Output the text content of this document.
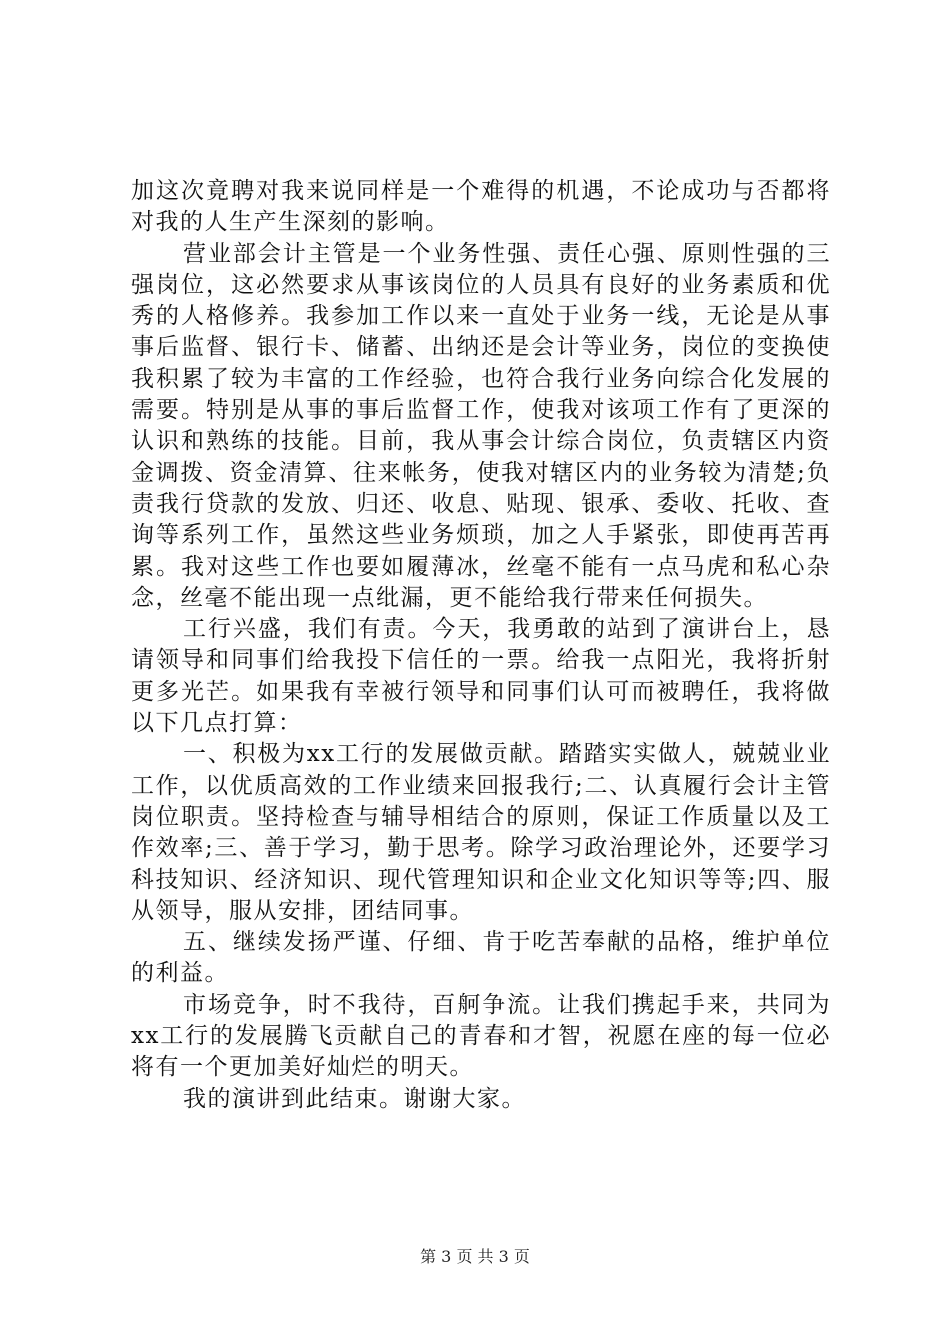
加这次竟聘对我来说同样是一个难得的机遇，不论成功与否都将对我的人生产生深刻的影响。

营业部会计主管是一个业务性强、责任心强、原则性强的三强岗位，这必然要求从事该岗位的人员具有良好的业务素质和优秀的人格修养。我参加工作以来一直处于业务一线，无论是从事事后监督、银行卡、储蓄、出纳还是会计等业务，岗位的变换使我积累了较为丰富的工作经验，也符合我行业务向综合化发展的需要。特别是从事的事后监督工作，使我对该项工作有了更深的认识和熟练的技能。目前，我从事会计综合岗位，负责辖区内资金调拨、资金清算、往来帐务，使我对辖区内的业务较为清楚;负责我行贷款的发放、归还、收息、贴现、银承、委收、托收、查询等系列工作，虽然这些业务烦琐，加之人手紧张，即使再苦再累。我对这些工作也要如履薄冰，丝毫不能有一点马虎和私心杂念，丝毫不能出现一点纰漏，更不能给我行带来任何损失。

工行兴盛，我们有责。今天，我勇敢的站到了演讲台上，恳请领导和同事们给我投下信任的一票。给我一点阳光，我将折射更多光芒。如果我有幸被行领导和同事们认可而被聘任，我将做以下几点打算：

一、积极为xx工行的发展做贡献。踏踏实实做人，兢兢业业工作，以优质高效的工作业绩来回报我行;二、认真履行会计主管岗位职责。坚持检查与辅导相结合的原则，保证工作质量以及工作效率;三、善于学习，勤于思考。除学习政治理论外，还要学习科技知识、经济知识、现代管理知识和企业文化知识等等;四、服从领导，服从安排，团结同事。

五、继续发扬严谨、仔细、肯于吃苦奉献的品格，维护单位的利益。

市场竞争，时不我待，百舸争流。让我们携起手来，共同为xx工行的发展腾飞贡献自己的青春和才智，祝愿在座的每一位必将有一个更加美好灿烂的明天。

我的演讲到此结束。谢谢大家。

第 3 页 共 3 页
